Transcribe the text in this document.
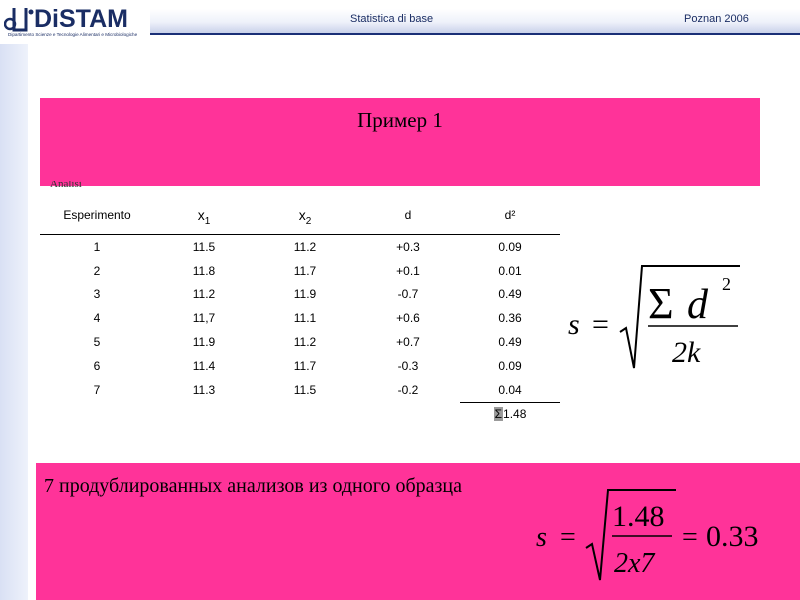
DiSTAM
Dipartimento Scienze e Tecnologie Alimentari e Microbiologiche
Statistica di base	Poznan 2006
Пример 1
Analisi
Esperimento	$x_1$	$x_2$	d	d²
1	11.5	11.2	+0.3	0.09
2	11.8	11.7	+0.1	0.01
3	11.2	11.9	-0.7	0.49
4	11,7	11.1	+0.6	0.36
5	11.9	11.2	+0.7	0.49
6	11.4	11.7	-0.3	0.09
7	11.3	11.5	-0.2	0.04
				Σ1.48
s = Σ d 2
2k
7 продублированных анализов из одного образца
s =
1.48
2x7
= 0.33
